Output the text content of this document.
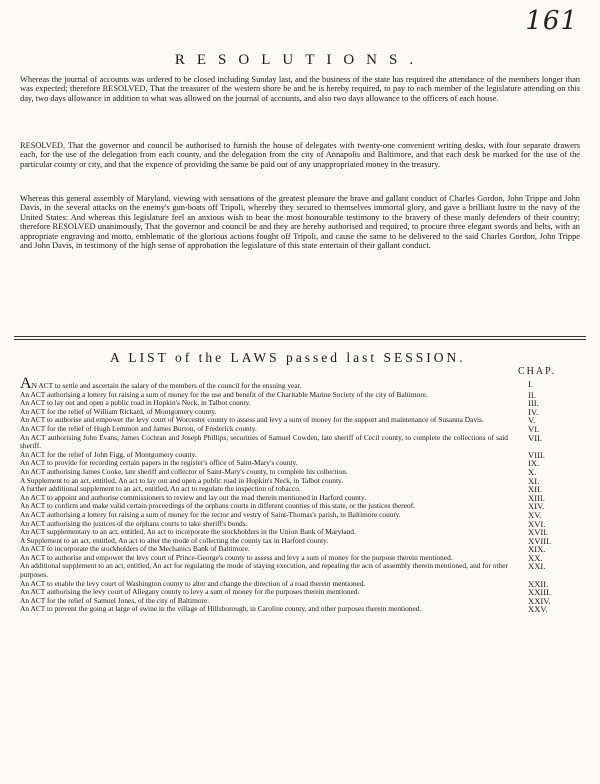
161
RESOLUTIONS.
Whereas the journal of accounts was ordered to be closed including Sunday last, and the business of the state has required the attendance of the members longer than was expected; therefore RESOLVED, That the treasurer of the western shore be and he is hereby required, to pay to each member of the legislature attending on this day, two days allowance in addition to what was allowed on the journal of accounts, and also two days allowance to the officers of each house.
RESOLVED, That the governor and council be authorised to furnish the house of delegates with twenty-one convenient writing desks, with four separate drawers each, for the use of the delegation from each county, and the delegation from the city of Annapolis and Baltimore, and that each desk be marked for the use of the particular county or city, and that the expence of providing the same be paid out of any unappropriated money in the treasury.
Whereas this general assembly of Maryland, viewing with sensations of the greatest pleasure the brave and gallant conduct of Charles Gordon, John Trippe and John Davis, in the several attacks on the enemy's gun-boats off Tripoli, whereby they secured to themselves immortal glory, and gave a brilliant lustre to the navy of the United States: And whereas this legislature feel an anxious wish to bear the most honourable testimony to the bravery of these manly defenders of their country; therefore RESOLVED unanimously, That the governor and council be and they are hereby authorised and required, to procure three elegant swords and belts, with an appropriate engraving and motto, emblematic of the glorious actions fought off Tripoli, and cause the same to be delivered to the said Charles Gordon, John Trippe and John Davis, in testimony of the high sense of approbation the legislature of this state entertain of their gallant conduct.
A LIST of the LAWS passed last SESSION.
CHAP.
AN ACT to settle and ascertain the salary of the members of the council for the ensuing year.	I.
An ACT authorising a lottery for raising a sum of money for the use and benefit of the Charitable Marine Society of the city of Baltimore.	II.
An ACT to lay out and open a public road in Hopkin's Neck, in Talbot county.	III.
An ACT for the relief of William Rickard, of Montgomery county.	IV.
An ACT to authorise and empower the levy court of Worcester county to assess and levy a sum of money for the support and maintenance of Susanna Davis.	V.
An ACT for the relief of Hugh Lemmon and James Burton, of Frederick county.	VI.
An ACT authorising John Evans, James Cochran and Joseph Phillips, securities of Samuel Cowden, late sheriff of Cecil county, to complete the collections of said sheriff.
VII.
An ACT for the relief of John Figg, of Montgomery county.	VIII.
An ACT to provide for recording certain papers in the register's office of Saint-Mary's county.	IX.
An ACT authorising James Cooke, late sheriff and collector of Saint-Mary's county, to complete his collection.	X.
A Supplement to an act, entitled, An act to lay out and open a public road in Hopkin's Neck, in Talbot county.	XI.
A further additional supplement to an act, entitled, An act to regulate the inspection of tobacco.	XII.
An ACT to appoint and authorise commissioners to review and lay out the road therein mentioned in Harford county.	XIII.
An ACT to confirm and make valid certain proceedings of the orphans courts in different counties of this state, or the justices thereof.	XIV.
An ACT authorising a lottery for raising a sum of money for the rector and vestry of Saint-Thomas's parish, in Baltimore county.	XV.
An ACT authorising the justices of the orphans courts to take sheriff's bonds.	XVI.
An ACT supplementary to an act, entitled, An act to incorporate the stockholders in the Union Bank of Maryland.	XVII.
A Supplement to an act, entitled, An act to alter the mode of collecting the county tax in Harford county.	XVIII.
An ACT to incorporate the stockholders of the Mechanics Bank of Baltimore.	XIX.
An ACT to authorise and empower the levy court of Prince-George's county to assess and levy a sum of money for the purpose therein mentioned.	XX.
An additional supplement to an act, entitled, An act for regulating the mode of staying execution, and repealing the acts of assembly therein mentioned, and for other purposes.
XXI.
An ACT to enable the levy court of Washington county to alter and change the direction of a road therein mentioned.	XXII.
An ACT authorising the levy court of Allegany county to levy a sum of money for the purposes therein mentioned.	XXIII.
An ACT for the relief of Samuel Jones, of the city of Baltimore.	XXIV.
An ACT to prevent the going at large of swine in the village of Hillsborough, in Caroline county, and other purposes therein mentioned.	XXV.
